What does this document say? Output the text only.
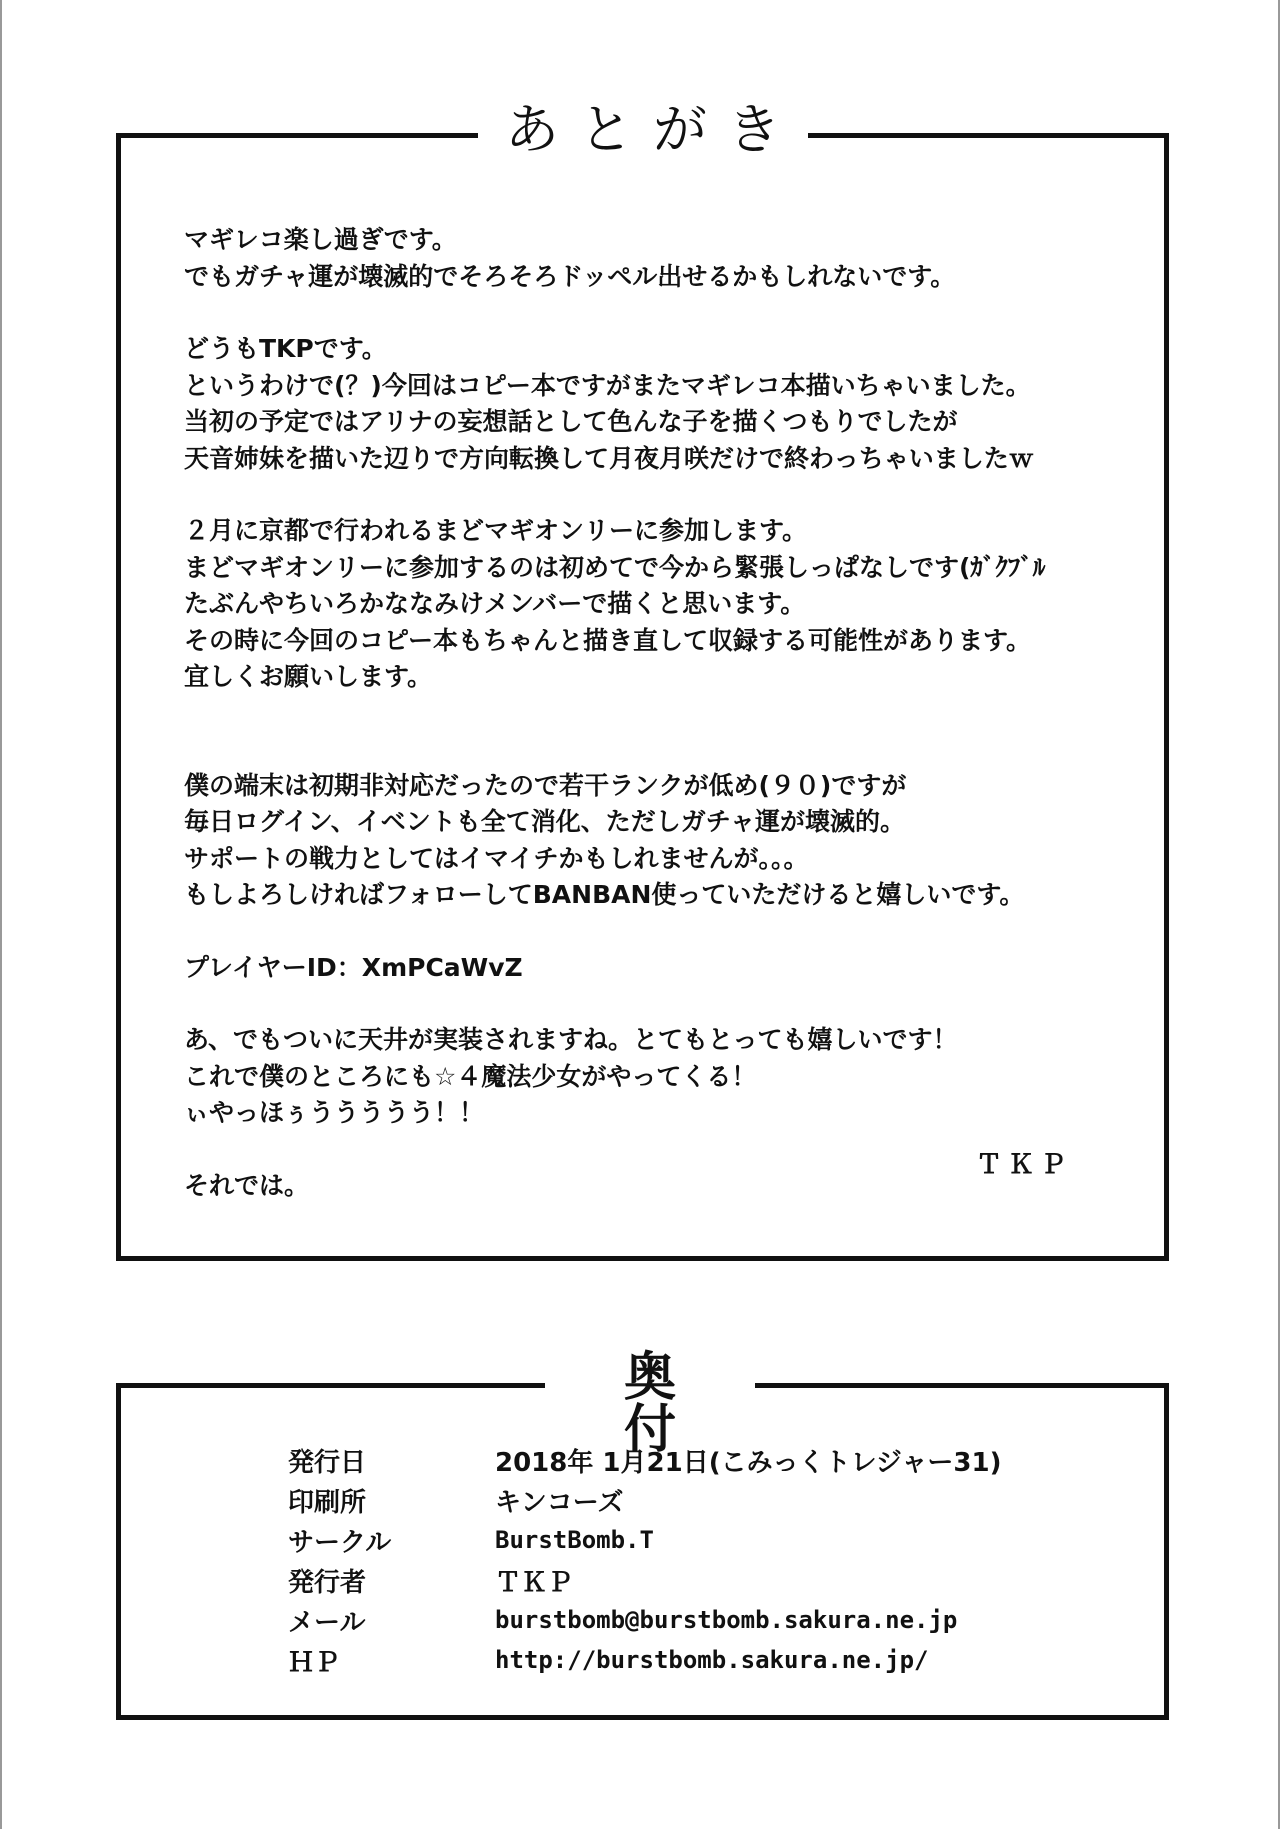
あとがき
マギレコ楽し過ぎです。
でもガチャ運が壊滅的でそろそろドッペル出せるかもしれないです。
どうもTKPです。
というわけで(？)今回はコピー本ですがまたマギレコ本描いちゃいました。
当初の予定ではアリナの妄想話として色んな子を描くつもりでしたが
天音姉妹を描いた辺りで方向転換して月夜月咲だけで終わっちゃいましたｗ
２月に京都で行われるまどマギオンリーに参加します。
まどマギオンリーに参加するのは初めてで今から緊張しっぱなしです(ｶﾞｸﾌﾞﾙ
たぶんやちいろかななみけメンバーで描くと思います。
その時に今回のコピー本もちゃんと描き直して収録する可能性があります。
宜しくお願いします。
僕の端末は初期非対応だったので若干ランクが低め(９０)ですが
毎日ログイン、イベントも全て消化、ただしガチャ運が壊滅的。
サポートの戦力としてはイマイチかもしれませんが。。。
もしよろしければフォローしてBANBAN使っていただけると嬉しいです。
プレイヤーID：XmPCaWvZ
あ、でもついに天井が実装されますね。とてもとっても嬉しいです！
これで僕のところにも☆４魔法少女がやってくる！
ぃやっほぅううううう！！
それでは。
ＴＫＰ
奥付
発行日	2018年 1月21日(こみっくトレジャー31)
印刷所	キンコーズ
サークル	BurstBomb.T
発行者	ＴＫＰ
メール	burstbomb@burstbomb.sakura.ne.jp
ＨＰ	http://burstbomb.sakura.ne.jp/
